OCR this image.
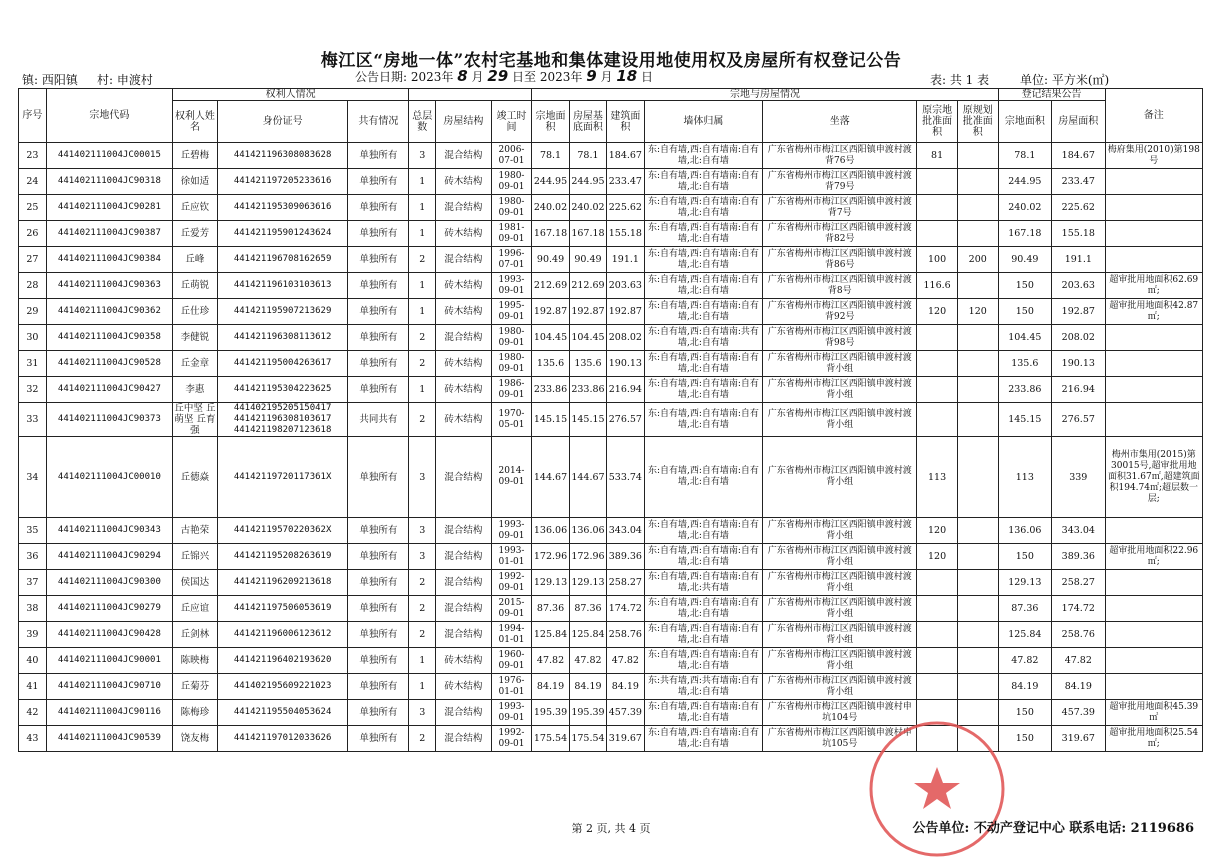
梅江区“房地一体”农村宅基地和集体建设用地使用权及房屋所有权登记公告
镇: 西阳镇 村: 申渡村	公告日期: 2023年 8 月 29 日至 2023年 9 月 18 日	表: 共 1 表	单位: 平方米(㎡)
序号	宗地代码	权利人情况						宗地与房屋情况							登记结果公告		备注
		权利人姓名	身份证号	共有情况	总层数	房屋结构	竣工时间	宗地面积	房屋基底面积	建筑面积	墙体归属	坐落	原宗地批准面积	原规划批准面积	宗地面积	房屋面积	
23	441402111004JC00015	丘碧梅	441421196308083628	单独所有	3	混合结构	2006-07-01	78.1	78.1	184.67	东:自有墙,西:自有墙南:自有墙,北:自有墙	广东省梅州市梅江区西阳镇申渡村渡背76号	81		78.1	184.67	梅府集用(2010)第198号
24	441402111004JC90318	徐如适	441421197205233616	单独所有	1	砖木结构	1980-09-01	244.95	244.95	233.47	东:自有墙,西:自有墙南:自有墙,北:自有墙	广东省梅州市梅江区西阳镇申渡村渡背79号			244.95	233.47	
25	441402111004JC90281	丘应钦	441421195309063616	单独所有	1	混合结构	1980-09-01	240.02	240.02	225.62	东:自有墙,西:自有墙南:自有墙,北:自有墙	广东省梅州市梅江区西阳镇申渡村渡背7号			240.02	225.62	
26	441402111004JC90387	丘爱芳	441421195901243624	单独所有	1	砖木结构	1981-09-01	167.18	167.18	155.18	东:自有墙,西:自有墙南:自有墙,北:自有墙	广东省梅州市梅江区西阳镇申渡村渡背82号			167.18	155.18	
27	441402111004JC90384	丘峰	441421196708162659	单独所有	2	混合结构	1996-07-01	90.49	90.49	191.1	东:自有墙,西:自有墙南:自有墙,北:自有墙	广东省梅州市梅江区西阳镇申渡村渡背86号	100	200	90.49	191.1	
28	441402111004JC90363	丘萌锐	441421196103103613	单独所有	1	砖木结构	1993-09-01	212.69	212.69	203.63	东:自有墙,西:自有墙南:自有墙,北:自有墙	广东省梅州市梅江区西阳镇申渡村渡背8号	116.6		150	203.63	超审批用地面积62.69㎡;
29	441402111004JC90362	丘仕珍	441421195907213629	单独所有	1	砖木结构	1995-09-01	192.87	192.87	192.87	东:自有墙,西:自有墙南:自有墙,北:自有墙	广东省梅州市梅江区西阳镇申渡村渡背92号	120	120	150	192.87	超审批用地面积42.87㎡;
30	441402111004JC90358	李健锐	441421196308113612	单独所有	2	混合结构	1980-09-01	104.45	104.45	208.02	东:自有墙,西:自有墙南:共有墙,北:自有墙	广东省梅州市梅江区西阳镇申渡村渡背98号			104.45	208.02	
31	441402111004JC90528	丘金章	441421195004263617	单独所有	2	砖木结构	1980-09-01	135.6	135.6	190.13	东:自有墙,西:自有墙南:自有墙,北:自有墙	广东省梅州市梅江区西阳镇申渡村渡背小组			135.6	190.13	
32	441402111004JC90427	李惠	441421195304223625	单独所有	1	砖木结构	1986-09-01	233.86	233.86	216.94	东:自有墙,西:自有墙南:自有墙,北:自有墙	广东省梅州市梅江区西阳镇申渡村渡背小组			233.86	216.94	
33	441402111004JC90373	丘中坚 丘萌坚 丘育强	441402195205150417 441421196308103617 441421198207123618	共同共有	2	砖木结构	1970-05-01	145.15	145.15	276.57	东:自有墙,西:自有墙南:自有墙,北:自有墙	广东省梅州市梅江区西阳镇申渡村渡背小组			145.15	276.57	
34	441402111004JC00010	丘德焱	44142119720117361X	单独所有	3	混合结构	2014-09-01	144.67	144.67	533.74	东:自有墙,西:自有墙南:自有墙,北:自有墙	广东省梅州市梅江区西阳镇申渡村渡背小组	113		113	339	梅州市集用(2015)第30015号,超审批用地面积31.67㎡,超建筑面积194.74㎡;超层数一层;
35	441402111004JC90343	古艳荣	44142119570220362X	单独所有	3	混合结构	1993-09-01	136.06	136.06	343.04	东:自有墙,西:自有墙南:自有墙,北:自有墙	广东省梅州市梅江区西阳镇申渡村渡背小组	120		136.06	343.04	
36	441402111004JC90294	丘锦兴	441421195208263619	单独所有	3	混合结构	1993-01-01	172.96	172.96	389.36	东:自有墙,西:自有墙南:自有墙,北:自有墙	广东省梅州市梅江区西阳镇申渡村渡背小组	120		150	389.36	超审批用地面积22.96㎡;
37	441402111004JC90300	侯国达	441421196209213618	单独所有	2	混合结构	1992-09-01	129.13	129.13	258.27	东:自有墙,西:自有墙南:自有墙,北:共有墙	广东省梅州市梅江区西阳镇申渡村渡背小组			129.13	258.27	
38	441402111004JC90279	丘应谊	441421197506053619	单独所有	2	混合结构	2015-09-01	87.36	87.36	174.72	东:自有墙,西:自有墙南:自有墙,北:自有墙	广东省梅州市梅江区西阳镇申渡村渡背小组			87.36	174.72	
39	441402111004JC90428	丘剑林	441421196006123612	单独所有	2	混合结构	1994-01-01	125.84	125.84	258.76	东:自有墙,西:自有墙南:自有墙,北:自有墙	广东省梅州市梅江区西阳镇申渡村渡背小组			125.84	258.76	
40	441402111004JC90001	陈映梅	441421196402193620	单独所有	1	砖木结构	1960-09-01	47.82	47.82	47.82	东:自有墙,西:自有墙南:自有墙,北:自有墙	广东省梅州市梅江区西阳镇申渡村渡背小组			47.82	47.82	
41	441402111004JC90710	丘菊芬	441402195609221023	单独所有	1	砖木结构	1976-01-01	84.19	84.19	84.19	东:共有墙,西:共有墙南:自有墙,北:自有墙	广东省梅州市梅江区西阳镇申渡村渡背小组			84.19	84.19	
42	441402111004JC90116	陈梅珍	441421195504053624	单独所有	3	混合结构	1993-09-01	195.39	195.39	457.39	东:自有墙,西:自有墙南:自有墙,北:自有墙	广东省梅州市梅江区西阳镇申渡村申坑104号			150	457.39	超审批用地面积45.39㎡
43	441402111004JC90539	饶友梅	441421197012033626	单独所有	2	混合结构	1992-09-01	175.54	175.54	319.67	东:自有墙,西:自有墙南:自有墙,北:自有墙	广东省梅州市梅江区西阳镇申渡村申坑105号			150	319.67	超审批用地面积25.54㎡;
第 2 页, 共 4 页	公告单位: 不动产登记中心 联系电话: 2119686
